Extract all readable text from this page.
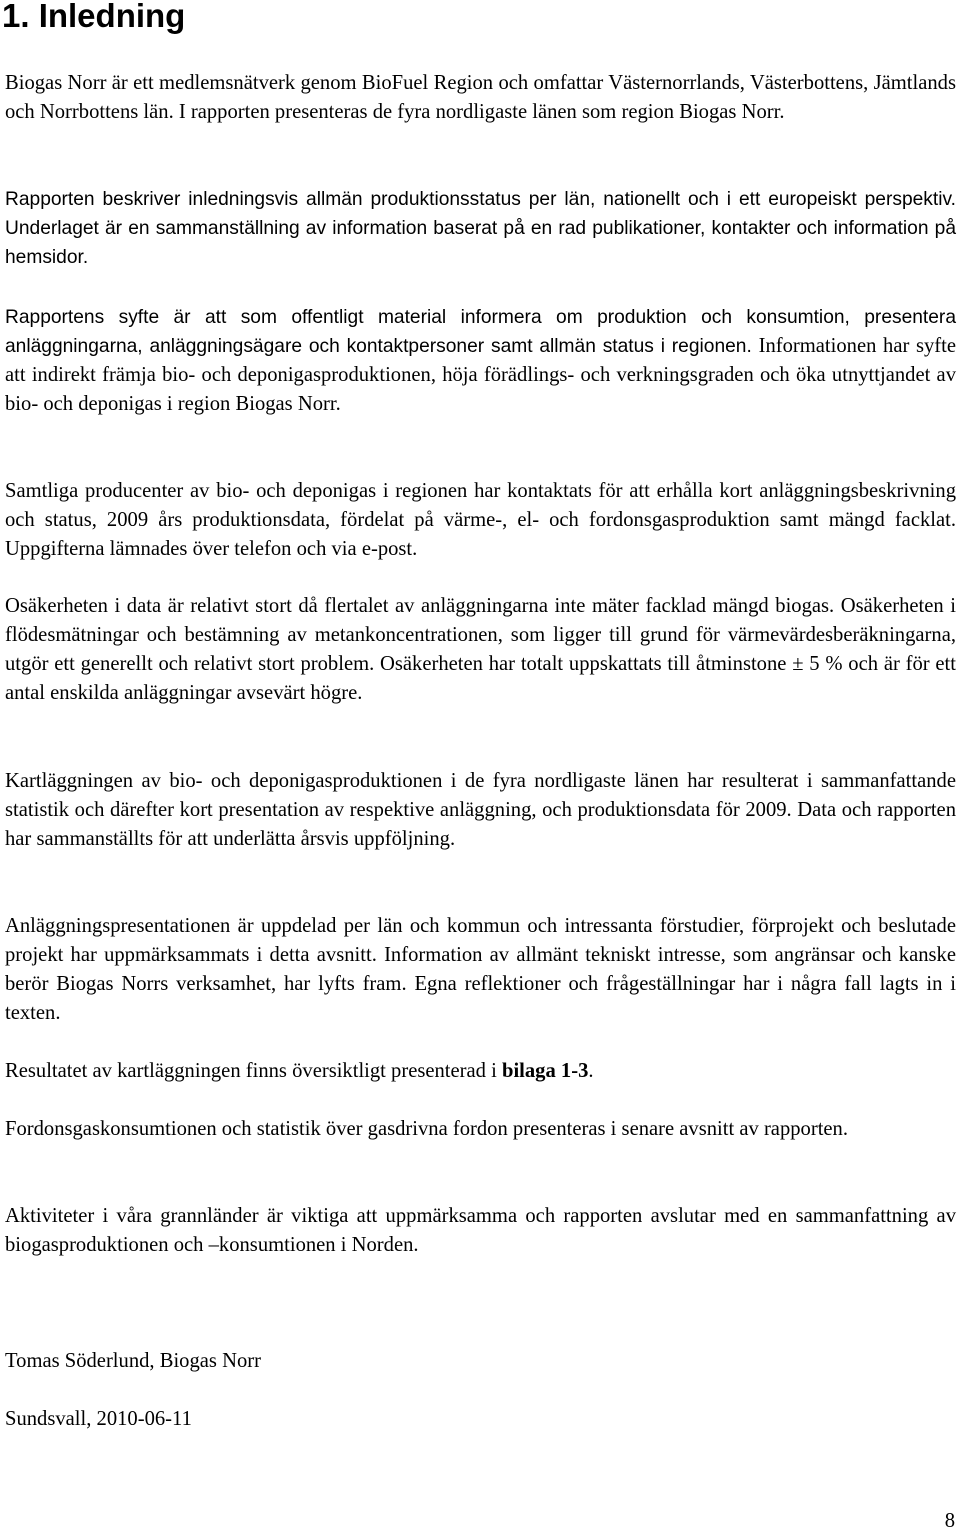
1. Inledning

Biogas Norr är ett medlemsnätverk genom BioFuel Region och omfattar Västernorrlands, Västerbottens, Jämtlands och Norrbottens län. I rapporten presenteras de fyra nordligaste länen som region Biogas Norr.

Rapporten beskriver inledningsvis allmän produktionsstatus per län, nationellt och i ett europeiskt perspektiv. Underlaget är en sammanställning av information baserat på en rad publikationer, kontakter och information på hemsidor.

Rapportens syfte är att som offentligt material informera om produktion och konsumtion, presentera anläggningarna, anläggningsägare och kontaktpersoner samt allmän status i regionen. Informationen har syfte att indirekt främja bio- och deponigasproduktionen, höja förädlings- och verkningsgraden och öka utnyttjandet av bio- och deponigas i region Biogas Norr.

Samtliga producenter av bio- och deponigas i regionen har kontaktats för att erhålla kort anläggningsbeskrivning och status, 2009 års produktionsdata, fördelat på värme-, el- och fordonsgasproduktion samt mängd facklat. Uppgifterna lämnades över telefon och via e-post.

Osäkerheten i data är relativt stort då flertalet av anläggningarna inte mäter facklad mängd biogas. Osäkerheten i flödesmätningar och bestämning av metankoncentrationen, som ligger till grund för värmevärdesberäkningarna, utgör ett generellt och relativt stort problem. Osäkerheten har totalt uppskattats till åtminstone ± 5 % och är för ett antal enskilda anläggningar avsevärt högre.

Kartläggningen av bio- och deponigasproduktionen i de fyra nordligaste länen har resulterat i sammanfattande statistik och därefter kort presentation av respektive anläggning, och produktionsdata för 2009. Data och rapporten har sammanställts för att underlätta årsvis uppföljning.

Anläggningspresentationen är uppdelad per län och kommun och intressanta förstudier, förprojekt och beslutade projekt har uppmärksammats i detta avsnitt. Information av allmänt tekniskt intresse, som angränsar och kanske berör Biogas Norrs verksamhet, har lyfts fram. Egna reflektioner och frågeställningar har i några fall lagts in i texten.

Resultatet av kartläggningen finns översiktligt presenterad i bilaga 1-3.

Fordonsgaskonsumtionen och statistik över gasdrivna fordon presenteras i senare avsnitt av rapporten.

Aktiviteter i våra grannländer är viktiga att uppmärksamma och rapporten avslutar med en sammanfattning av biogasproduktionen och –konsumtionen i Norden.

Tomas Söderlund, Biogas Norr

Sundsvall, 2010-06-11

8
